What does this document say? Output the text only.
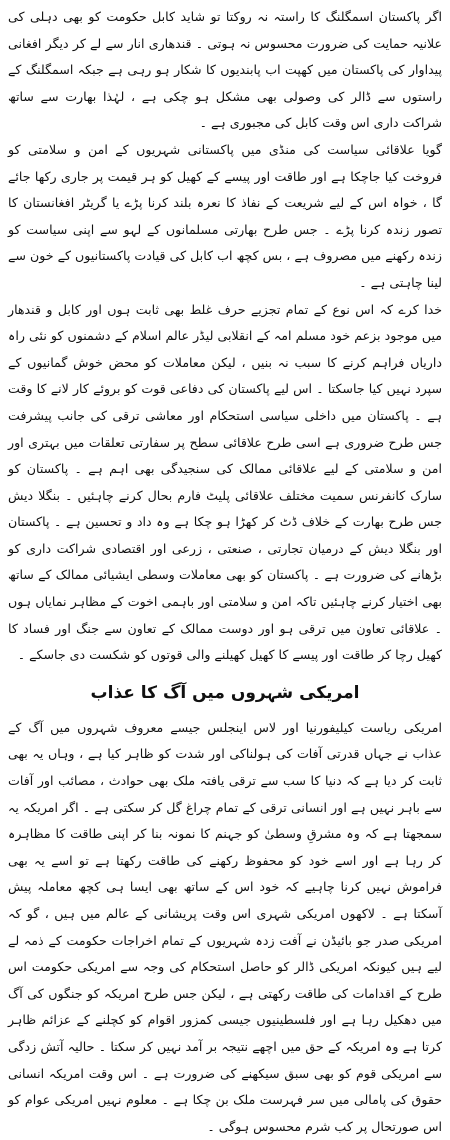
اگر پاکستان اسمگلنگ کا راستہ نہ روکتا تو شاید کابل حکومت کو بھی دہلی کی علانیہ حمایت کی ضرورت محسوس نہ ہوتی ۔ قندھاری انار سے لے کر دیگر افغانی پیداوار کی پاکستان میں کھپت اب پابندیوں کا شکار ہو رہی ہے جبکہ اسمگلنگ کے راستوں سے ڈالر کی وصولی بھی مشکل ہو چکی ہے ، لہٰذا بھارت سے ساتھ شراکت داری اس وقت کابل کی مجبوری ہے ۔

گویا علاقائی سیاست کی منڈی میں پاکستانی شہریوں کے امن و سلامتی کو فروخت کیا جاچکا ہے اور طاقت اور پیسے کے کھیل کو ہر قیمت پر جاری رکھا جائے گا ، خواہ اس کے لیے شریعت کے نفاذ کا نعرہ بلند کرنا پڑے یا گریٹر افغانستان کا تصور زندہ کرنا پڑے ۔ جس طرح بھارتی مسلمانوں کے لہو سے اپنی سیاست کو زندہ رکھنے میں مصروف ہے ، بس کچھ اب کابل کی قیادت پاکستانیوں کے خون سے لینا چاہتی ہے ۔

خدا کرے کہ اس نوع کے تمام تجزیے حرف غلط بھی ثابت ہوں اور کابل و قندھار میں موجود بزعم خود مسلم امہ کے انقلابی لیڈر عالم اسلام کے دشمنوں کو نئی راہ داریاں فراہم کرنے کا سبب نہ بنیں ، لیکن معاملات کو محض خوش گمانیوں کے سپرد نہیں کیا جاسکتا ۔ اس لیے پاکستان کی دفاعی قوت کو بروئے کار لانے کا وقت ہے ۔ پاکستان میں داخلی سیاسی استحکام اور معاشی ترقی کی جانب پیشرفت جس طرح ضروری ہے اسی طرح علاقائی سطح پر سفارتی تعلقات میں بہتری اور امن و سلامتی کے لیے علاقائی ممالک کی سنجیدگی بھی اہم ہے ۔ پاکستان کو سارک کانفرنس سمیت مختلف علاقائی پلیٹ فارم بحال کرنے چاہئیں ۔ بنگلا دیش جس طرح بھارت کے خلاف ڈٹ کر کھڑا ہو چکا ہے وہ داد و تحسین ہے ۔ پاکستان اور بنگلا دیش کے درمیان تجارتی ، صنعتی ، زرعی اور اقتصادی شراکت داری کو بڑھانے کی ضرورت ہے ۔ پاکستان کو بھی معاملات وسطی ایشیائی ممالک کے ساتھ بھی اختیار کرنے چاہئیں تاکہ امن و سلامتی اور باہمی اخوت کے مظاہر نمایاں ہوں ۔ علاقائی تعاون میں ترقی ہو اور دوست ممالک کے تعاون سے جنگ اور فساد کا کھیل رچا کر طاقت اور پیسے کا کھیل کھیلنے والی قوتوں کو شکست دی جاسکے ۔

امریکی شہروں میں آگ کا عذاب

امریکی ریاست کیلیفورنیا اور لاس اینجلس جیسے معروف شہروں میں آگ کے عذاب نے جہاں قدرتی آفات کی ہولناکی اور شدت کو ظاہر کیا ہے ، وہاں یہ بھی ثابت کر دیا ہے کہ دنیا کا سب سے ترقی یافتہ ملک بھی حوادث ، مصائب اور آفات سے باہر نہیں ہے اور انسانی ترقی کے تمام چراغ گل کر سکتی ہے ۔ اگر امریکہ یہ سمجھتا ہے کہ وہ مشرقِ وسطیٰ کو جہنم کا نمونہ بنا کر اپنی طاقت کا مظاہرہ کر رہا ہے اور اسے خود کو محفوظ رکھنے کی طاقت رکھتا ہے تو اسے یہ بھی فراموش نہیں کرنا چاہیے کہ خود اس کے ساتھ بھی ایسا ہی کچھ معاملہ پیش آسکتا ہے ۔ لاکھوں امریکی شہری اس وقت پریشانی کے عالم میں ہیں ، گو کہ امریکی صدر جو بائیڈن نے آفت زدہ شہریوں کے تمام اخراجات حکومت کے ذمہ لے لیے ہیں کیونکہ امریکی ڈالر کو حاصل استحکام کی وجہ سے امریکی حکومت اس طرح کے اقدامات کی طاقت رکھتی ہے ، لیکن جس طرح امریکہ کو جنگوں کی آگ میں دھکیل رہا ہے اور فلسطینیوں جیسی کمزور اقوام کو کچلنے کے عزائم ظاہر کرتا ہے وہ امریکہ کے حق میں اچھے نتیجہ بر آمد نہیں کر سکتا ۔ حالیہ آتش زدگی سے امریکی قوم کو بھی سبق سیکھنے کی ضرورت ہے ۔ اس وقت امریکہ انسانی حقوق کی پامالی میں سر فہرست ملک بن چکا ہے ۔ معلوم نہیں امریکی عوام کو اس صورتحال پر کب شرم محسوس ہوگی ۔
